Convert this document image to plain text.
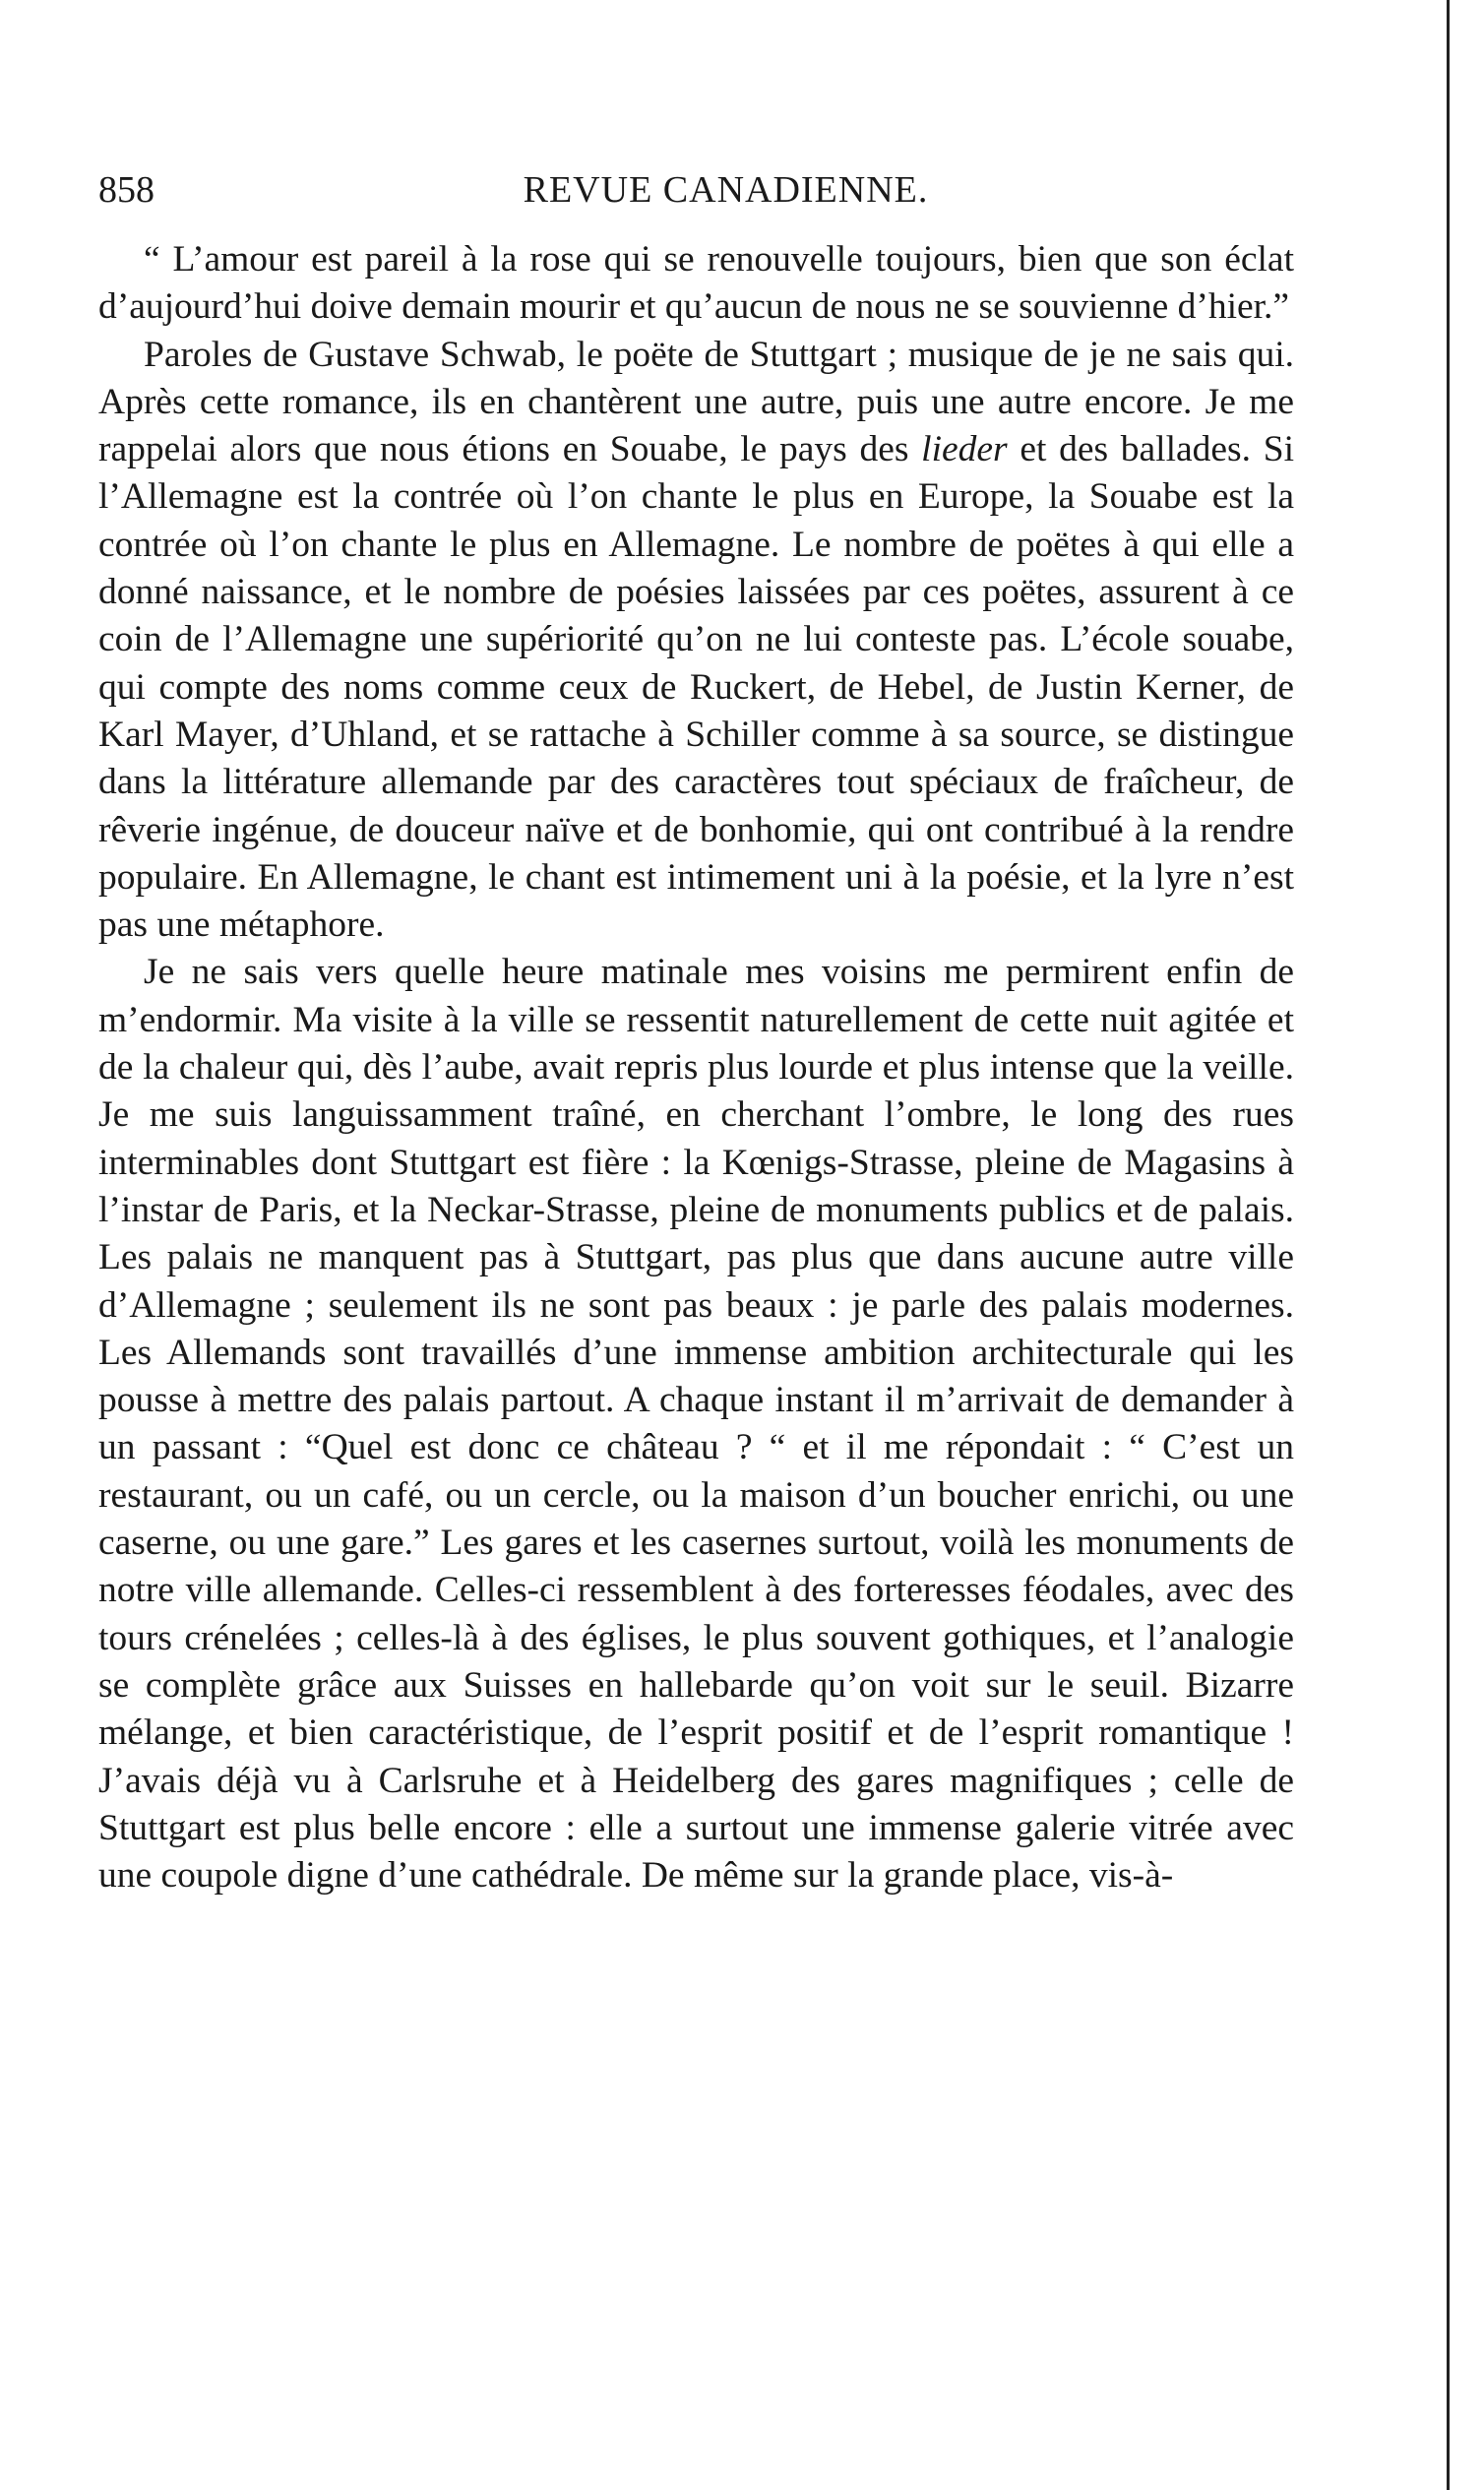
858	REVUE CANADIENNE.

“ L’amour est pareil à la rose qui se renouvelle toujours, bien que son éclat d’aujourd’hui doive demain mourir et qu’aucun de nous ne se souvienne d’hier.”

Paroles de Gustave Schwab, le poëte de Stuttgart ; musique de je ne sais qui. Après cette romance, ils en chantèrent une autre, puis une autre encore. Je me rappelai alors que nous étions en Souabe, le pays des lieder et des ballades. Si l’Allemagne est la contrée où l’on chante le plus en Europe, la Souabe est la contrée où l’on chante le plus en Allemagne. Le nombre de poëtes à qui elle a donné naissance, et le nombre de poésies laissées par ces poëtes, assurent à ce coin de l’Allemagne une supériorité qu’on ne lui conteste pas. L’école souabe, qui compte des noms comme ceux de Ruckert, de Hebel, de Justin Kerner, de Karl Mayer, d’Uhland, et se rattache à Schiller comme à sa source, se distingue dans la littérature allemande par des caractères tout spéciaux de fraîcheur, de rêverie ingénue, de douceur naïve et de bonhomie, qui ont contribué à la rendre populaire. En Allemagne, le chant est intimement uni à la poésie, et la lyre n’est pas une métaphore.

Je ne sais vers quelle heure matinale mes voisins me permirent enfin de m’endormir. Ma visite à la ville se ressentit naturellement de cette nuit agitée et de la chaleur qui, dès l’aube, avait repris plus lourde et plus intense que la veille. Je me suis languissamment traîné, en cherchant l’ombre, le long des rues interminables dont Stuttgart est fière : la Kœnigs-Strasse, pleine de Magasins à l’instar de Paris, et la Neckar-Strasse, pleine de monuments publics et de palais. Les palais ne manquent pas à Stuttgart, pas plus que dans aucune autre ville d’Allemagne ; seulement ils ne sont pas beaux : je parle des palais modernes. Les Allemands sont travaillés d’une immense ambition architecturale qui les pousse à mettre des palais partout. A chaque instant il m’arrivait de demander à un passant : “Quel est donc ce château ? “ et il me répondait : “ C’est un restaurant, ou un café, ou un cercle, ou la maison d’un boucher enrichi, ou une caserne, ou une gare.” Les gares et les casernes surtout, voilà les monuments de notre ville allemande. Celles-ci ressemblent à des forteresses féodales, avec des tours crénelées ; celles-là à des églises, le plus souvent gothiques, et l’analogie se complète grâce aux Suisses en hallebarde qu’on voit sur le seuil. Bizarre mélange, et bien caractéristique, de l’esprit positif et de l’esprit romantique ! J’avais déjà vu à Carlsruhe et à Heidelberg des gares magnifiques ; celle de Stuttgart est plus belle encore : elle a surtout une immense galerie vitrée avec une coupole digne d’une cathédrale. De même sur la grande place, vis-à-
